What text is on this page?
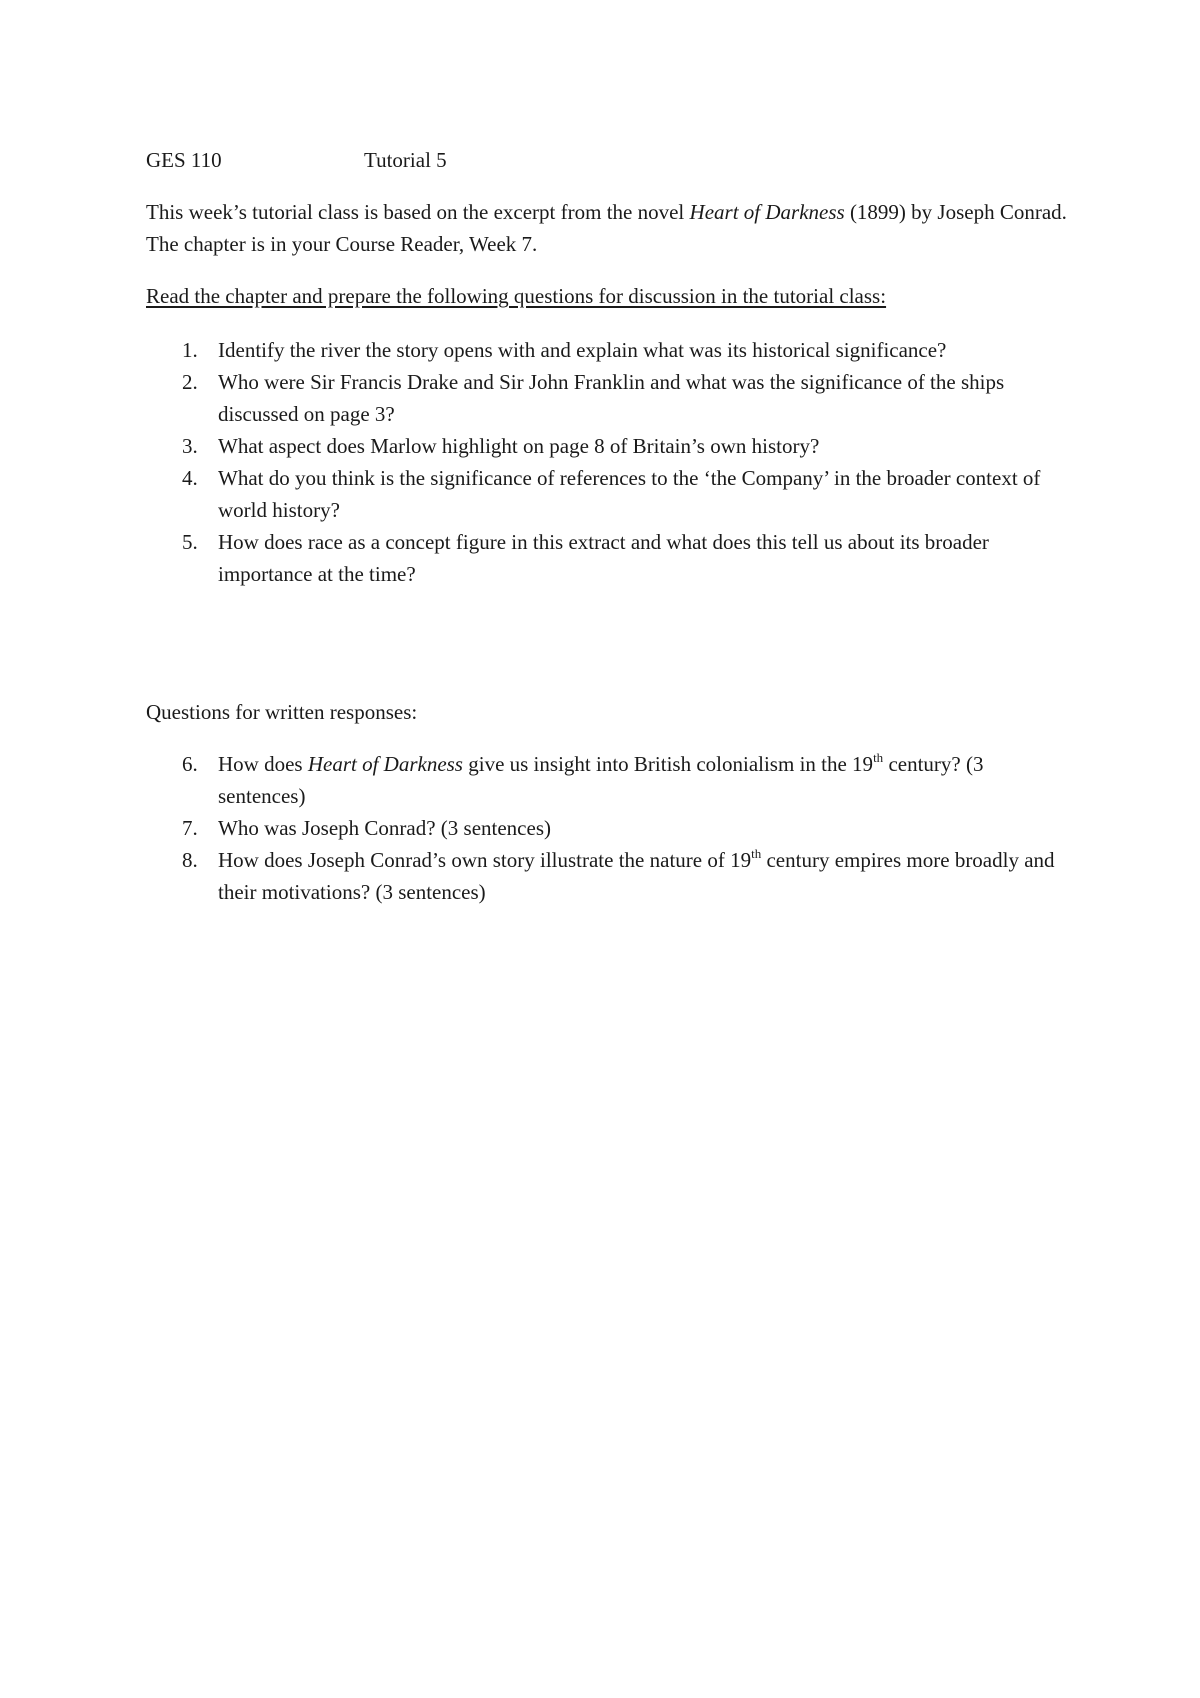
GES 110	Tutorial 5

This week’s tutorial class is based on the excerpt from the novel Heart of Darkness (1899) by Joseph Conrad. The chapter is in your Course Reader, Week 7.

Read the chapter and prepare the following questions for discussion in the tutorial class:

1. Identify the river the story opens with and explain what was its historical significance?
2. Who were Sir Francis Drake and Sir John Franklin and what was the significance of the ships discussed on page 3?
3. What aspect does Marlow highlight on page 8 of Britain’s own history?
4. What do you think is the significance of references to the ‘the Company’ in the broader context of world history?
5. How does race as a concept figure in this extract and what does this tell us about its broader importance at the time?

Questions for written responses:

6. How does Heart of Darkness give us insight into British colonialism in the 19th century? (3 sentences)
7. Who was Joseph Conrad? (3 sentences)
8. How does Joseph Conrad’s own story illustrate the nature of 19th century empires more broadly and their motivations? (3 sentences)
